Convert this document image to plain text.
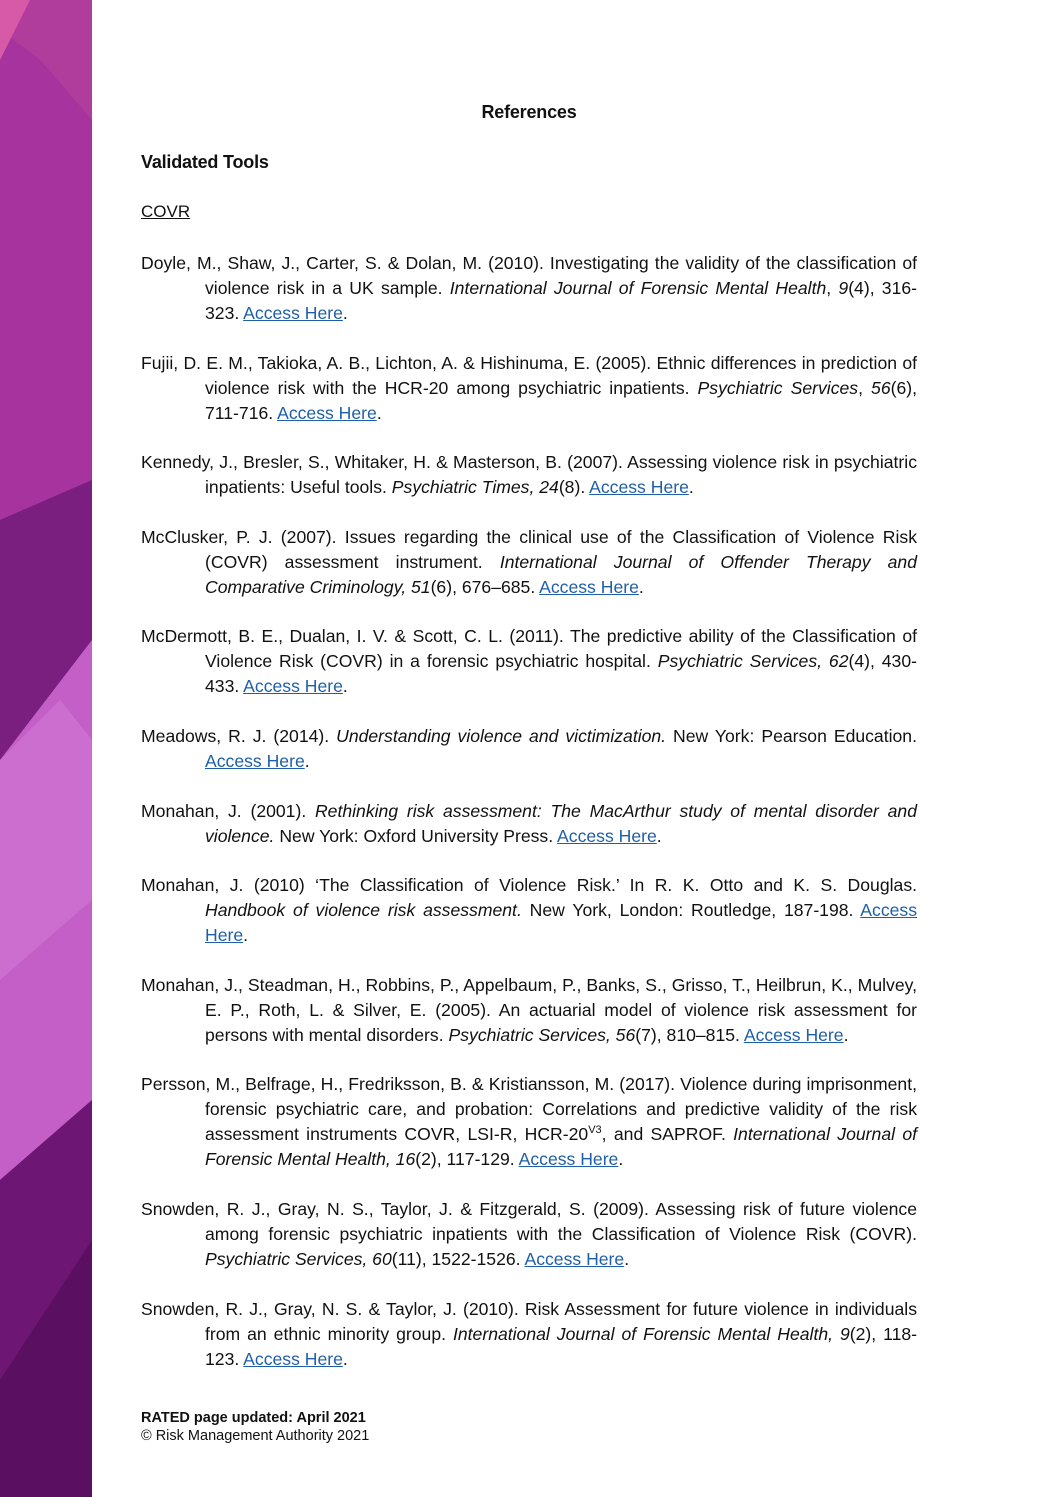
References
Validated Tools
COVR

Doyle, M., Shaw, J., Carter, S. & Dolan, M. (2010). Investigating the validity of the classification of violence risk in a UK sample. International Journal of Forensic Mental Health, 9(4), 316-323. Access Here.

Fujii, D. E. M., Takioka, A. B., Lichton, A. & Hishinuma, E. (2005). Ethnic differences in prediction of violence risk with the HCR-20 among psychiatric inpatients. Psychiatric Services, 56(6), 711-716. Access Here.

Kennedy, J., Bresler, S., Whitaker, H. & Masterson, B. (2007). Assessing violence risk in psychiatric inpatients: Useful tools. Psychiatric Times, 24(8). Access Here.

McClusker, P. J. (2007). Issues regarding the clinical use of the Classification of Violence Risk (COVR) assessment instrument. International Journal of Offender Therapy and Comparative Criminology, 51(6), 676–685. Access Here.

McDermott, B. E., Dualan, I. V. & Scott, C. L. (2011). The predictive ability of the Classification of Violence Risk (COVR) in a forensic psychiatric hospital. Psychiatric Services, 62(4), 430-433. Access Here.

Meadows, R. J. (2014). Understanding violence and victimization. New York: Pearson Education. Access Here.

Monahan, J. (2001). Rethinking risk assessment: The MacArthur study of mental disorder and violence. New York: Oxford University Press. Access Here.

Monahan, J. (2010) ‘The Classification of Violence Risk.’ In R. K. Otto and K. S. Douglas. Handbook of violence risk assessment. New York, London: Routledge, 187-198. Access Here.

Monahan, J., Steadman, H., Robbins, P., Appelbaum, P., Banks, S., Grisso, T., Heilbrun, K., Mulvey, E. P., Roth, L. & Silver, E. (2005). An actuarial model of violence risk assessment for persons with mental disorders. Psychiatric Services, 56(7), 810–815. Access Here.

Persson, M., Belfrage, H., Fredriksson, B. & Kristiansson, M. (2017). Violence during imprisonment, forensic psychiatric care, and probation: Correlations and predictive validity of the risk assessment instruments COVR, LSI-R, HCR-$20^{V3}$, and SAPROF. International Journal of Forensic Mental Health, 16(2), 117-129. Access Here.

Snowden, R. J., Gray, N. S., Taylor, J. & Fitzgerald, S. (2009). Assessing risk of future violence among forensic psychiatric inpatients with the Classification of Violence Risk (COVR). Psychiatric Services, 60(11), 1522-1526. Access Here.

Snowden, R. J., Gray, N. S. & Taylor, J. (2010). Risk Assessment for future violence in individuals from an ethnic minority group. International Journal of Forensic Mental Health, 9(2), 118-123. Access Here.

RATED page updated: April 2021
© Risk Management Authority 2021
